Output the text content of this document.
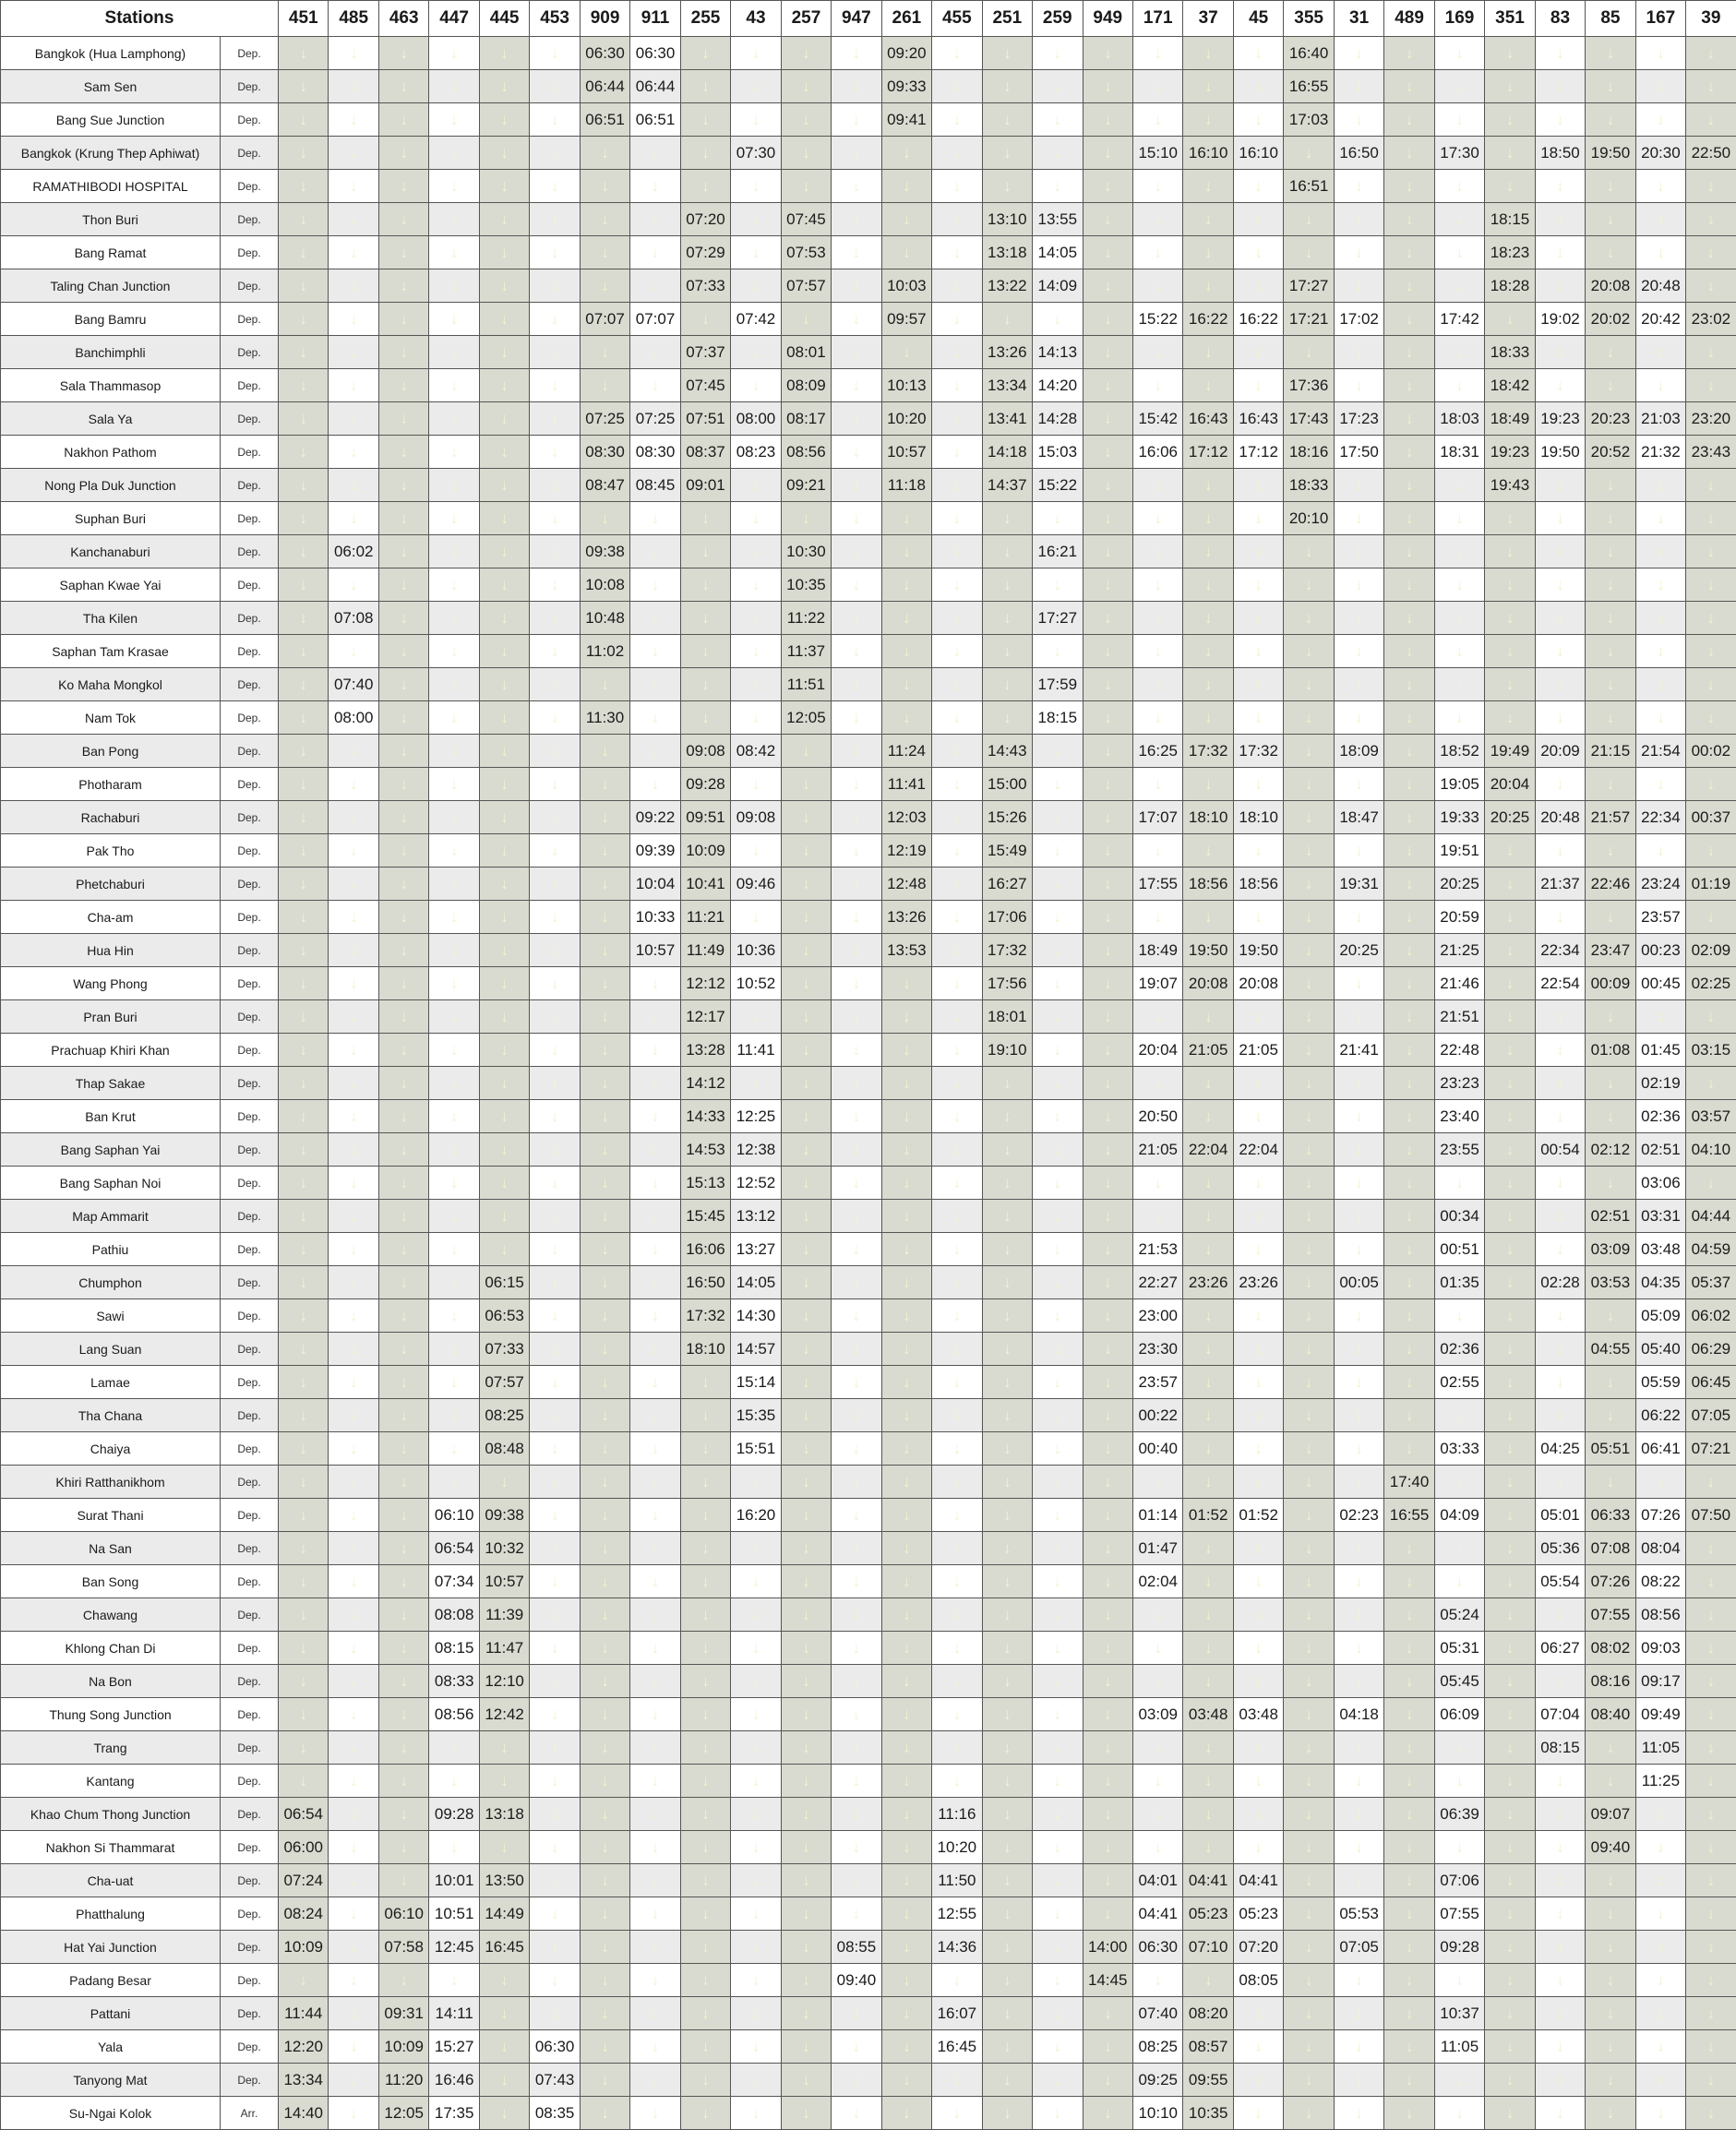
Stations		451	485	463	447	445	453	909	911	255	43	257	947	261	455	251	259	949	171	37	45	355	31	489	169	351	83	85	167	39
Bangkok (Hua Lamphong)	Dep.	↓	↓	↓	↓	↓	↓	06:30	06:30	↓	↓	↓	↓	09:20	↓	↓	↓	↓	↓	↓	↓	16:40	↓	↓	↓	↓	↓	↓	↓	↓
Sam Sen	Dep.	↓	↓	↓	↓	↓	↓	06:44	06:44	↓	↓	↓	↓	09:33	↓	↓	↓	↓	↓	↓	↓	16:55	↓	↓	↓	↓	↓	↓	↓	↓
Bang Sue Junction	Dep.	↓	↓	↓	↓	↓	↓	06:51	06:51	↓	↓	↓	↓	09:41	↓	↓	↓	↓	↓	↓	↓	17:03	↓	↓	↓	↓	↓	↓	↓	↓
Bangkok (Krung Thep Aphiwat)	Dep.	↓	↓	↓	↓	↓	↓	↓	↓	↓	07:30	↓	↓	↓	↓	↓	↓	↓	15:10	16:10	16:10	↓	16:50	↓	17:30	↓	18:50	19:50	20:30	22:50
RAMATHIBODI HOSPITAL	Dep.	↓	↓	↓	↓	↓	↓	↓	↓	↓	↓	↓	↓	↓	↓	↓	↓	↓	↓	↓	↓	16:51	↓	↓	↓	↓	↓	↓	↓	↓
Thon Buri	Dep.	↓	↓	↓	↓	↓	↓	↓	↓	07:20	↓	07:45	↓	↓	↓	13:10	13:55	↓	↓	↓	↓	↓	↓	↓	↓	18:15	↓	↓	↓	↓
Bang Ramat	Dep.	↓	↓	↓	↓	↓	↓	↓	↓	07:29	↓	07:53	↓	↓	↓	13:18	14:05	↓	↓	↓	↓	↓	↓	↓	↓	18:23	↓	↓	↓	↓
Taling Chan Junction	Dep.	↓	↓	↓	↓	↓	↓	↓	↓	07:33	↓	07:57	↓	10:03	↓	13:22	14:09	↓	↓	↓	↓	17:27	↓	↓	↓	18:28	↓	20:08	20:48	↓
Bang Bamru	Dep.	↓	↓	↓	↓	↓	↓	07:07	07:07	↓	07:42	↓	↓	09:57	↓	↓	↓	↓	15:22	16:22	16:22	17:21	17:02	↓	17:42	↓	19:02	20:02	20:42	23:02
Banchimphli	Dep.	↓	↓	↓	↓	↓	↓	↓	↓	07:37	↓	08:01	↓	↓	↓	13:26	14:13	↓	↓	↓	↓	↓	↓	↓	↓	18:33	↓	↓	↓	↓
Sala Thammasop	Dep.	↓	↓	↓	↓	↓	↓	↓	↓	07:45	↓	08:09	↓	10:13	↓	13:34	14:20	↓	↓	↓	↓	17:36	↓	↓	↓	18:42	↓	↓	↓	↓
Sala Ya	Dep.	↓	↓	↓	↓	↓	↓	07:25	07:25	07:51	08:00	08:17	↓	10:20	↓	13:41	14:28	↓	15:42	16:43	16:43	17:43	17:23	↓	18:03	18:49	19:23	20:23	21:03	23:20
Nakhon Pathom	Dep.	↓	↓	↓	↓	↓	↓	08:30	08:30	08:37	08:23	08:56	↓	10:57	↓	14:18	15:03	↓	16:06	17:12	17:12	18:16	17:50	↓	18:31	19:23	19:50	20:52	21:32	23:43
Nong Pla Duk Junction	Dep.	↓	↓	↓	↓	↓	↓	08:47	08:45	09:01	↓	09:21	↓	11:18	↓	14:37	15:22	↓	↓	↓	↓	18:33	↓	↓	↓	19:43	↓	↓	↓	↓
Suphan Buri	Dep.	↓	↓	↓	↓	↓	↓	↓	↓	↓	↓	↓	↓	↓	↓	↓	↓	↓	↓	↓	↓	20:10	↓	↓	↓	↓	↓	↓	↓	↓
Kanchanaburi	Dep.	↓	06:02	↓	↓	↓	↓	09:38	↓	↓	↓	10:30	↓	↓	↓	↓	16:21	↓	↓	↓	↓	↓	↓	↓	↓	↓	↓	↓	↓	↓
Saphan Kwae Yai	Dep.	↓	↓	↓	↓	↓	↓	10:08	↓	↓	↓	10:35	↓	↓	↓	↓	↓	↓	↓	↓	↓	↓	↓	↓	↓	↓	↓	↓	↓	↓
Tha Kilen	Dep.	↓	07:08	↓	↓	↓	↓	10:48	↓	↓	↓	11:22	↓	↓	↓	↓	17:27	↓	↓	↓	↓	↓	↓	↓	↓	↓	↓	↓	↓	↓
Saphan Tam Krasae	Dep.	↓	↓	↓	↓	↓	↓	11:02	↓	↓	↓	11:37	↓	↓	↓	↓	↓	↓	↓	↓	↓	↓	↓	↓	↓	↓	↓	↓	↓	↓
Ko Maha Mongkol	Dep.	↓	07:40	↓	↓	↓	↓	↓	↓	↓	↓	11:51	↓	↓	↓	↓	17:59	↓	↓	↓	↓	↓	↓	↓	↓	↓	↓	↓	↓	↓
Nam Tok	Dep.	↓	08:00	↓	↓	↓	↓	11:30	↓	↓	↓	12:05	↓	↓	↓	↓	18:15	↓	↓	↓	↓	↓	↓	↓	↓	↓	↓	↓	↓	↓
Ban Pong	Dep.	↓	↓	↓	↓	↓	↓	↓	↓	09:08	08:42	↓	↓	11:24	↓	14:43	↓	↓	16:25	17:32	17:32	↓	18:09	↓	18:52	19:49	20:09	21:15	21:54	00:02
Photharam	Dep.	↓	↓	↓	↓	↓	↓	↓	↓	09:28	↓	↓	↓	11:41	↓	15:00	↓	↓	↓	↓	↓	↓	↓	↓	19:05	20:04	↓	↓	↓	↓
Rachaburi	Dep.	↓	↓	↓	↓	↓	↓	↓	09:22	09:51	09:08	↓	↓	12:03	↓	15:26	↓	↓	17:07	18:10	18:10	↓	18:47	↓	19:33	20:25	20:48	21:57	22:34	00:37
Pak Tho	Dep.	↓	↓	↓	↓	↓	↓	↓	09:39	10:09	↓	↓	↓	12:19	↓	15:49	↓	↓	↓	↓	↓	↓	↓	↓	19:51	↓	↓	↓	↓	↓
Phetchaburi	Dep.	↓	↓	↓	↓	↓	↓	↓	10:04	10:41	09:46	↓	↓	12:48	↓	16:27	↓	↓	17:55	18:56	18:56	↓	19:31	↓	20:25	↓	21:37	22:46	23:24	01:19
Cha-am	Dep.	↓	↓	↓	↓	↓	↓	↓	10:33	11:21	↓	↓	↓	13:26	↓	17:06	↓	↓	↓	↓	↓	↓	↓	↓	20:59	↓	↓	↓	23:57	↓
Hua Hin	Dep.	↓	↓	↓	↓	↓	↓	↓	10:57	11:49	10:36	↓	↓	13:53	↓	17:32	↓	↓	18:49	19:50	19:50	↓	20:25	↓	21:25	↓	22:34	23:47	00:23	02:09
Wang Phong	Dep.	↓	↓	↓	↓	↓	↓	↓	↓	12:12	10:52	↓	↓	↓	↓	17:56	↓	↓	19:07	20:08	20:08	↓	↓	↓	21:46	↓	22:54	00:09	00:45	02:25
Pran Buri	Dep.	↓	↓	↓	↓	↓	↓	↓	↓	12:17	↓	↓	↓	↓	↓	18:01	↓	↓	↓	↓	↓	↓	↓	↓	21:51	↓	↓	↓	↓	↓
Prachuap Khiri Khan	Dep.	↓	↓	↓	↓	↓	↓	↓	↓	13:28	11:41	↓	↓	↓	↓	19:10	↓	↓	20:04	21:05	21:05	↓	21:41	↓	22:48	↓	↓	01:08	01:45	03:15
Thap Sakae	Dep.	↓	↓	↓	↓	↓	↓	↓	↓	14:12	↓	↓	↓	↓	↓	↓	↓	↓	↓	↓	↓	↓	↓	↓	23:23	↓	↓	↓	02:19	↓
Ban Krut	Dep.	↓	↓	↓	↓	↓	↓	↓	↓	14:33	12:25	↓	↓	↓	↓	↓	↓	↓	20:50	↓	↓	↓	↓	↓	23:40	↓	↓	↓	02:36	03:57
Bang Saphan Yai	Dep.	↓	↓	↓	↓	↓	↓	↓	↓	14:53	12:38	↓	↓	↓	↓	↓	↓	↓	21:05	22:04	22:04	↓	↓	↓	23:55	↓	00:54	02:12	02:51	04:10
Bang Saphan Noi	Dep.	↓	↓	↓	↓	↓	↓	↓	↓	15:13	12:52	↓	↓	↓	↓	↓	↓	↓	↓	↓	↓	↓	↓	↓	↓	↓	↓	↓	03:06	↓
Map Ammarit	Dep.	↓	↓	↓	↓	↓	↓	↓	↓	15:45	13:12	↓	↓	↓	↓	↓	↓	↓	↓	↓	↓	↓	↓	↓	00:34	↓	↓	02:51	03:31	04:44
Pathiu	Dep.	↓	↓	↓	↓	↓	↓	↓	↓	16:06	13:27	↓	↓	↓	↓	↓	↓	↓	21:53	↓	↓	↓	↓	↓	00:51	↓	↓	03:09	03:48	04:59
Chumphon	Dep.	↓	↓	↓	↓	06:15	↓	↓	↓	16:50	14:05	↓	↓	↓	↓	↓	↓	↓	22:27	23:26	23:26	↓	00:05	↓	01:35	↓	02:28	03:53	04:35	05:37
Sawi	Dep.	↓	↓	↓	↓	06:53	↓	↓	↓	17:32	14:30	↓	↓	↓	↓	↓	↓	↓	23:00	↓	↓	↓	↓	↓	↓	↓	↓	↓	05:09	06:02
Lang Suan	Dep.	↓	↓	↓	↓	07:33	↓	↓	↓	18:10	14:57	↓	↓	↓	↓	↓	↓	↓	23:30	↓	↓	↓	↓	↓	02:36	↓	↓	04:55	05:40	06:29
Lamae	Dep.	↓	↓	↓	↓	07:57	↓	↓	↓	↓	15:14	↓	↓	↓	↓	↓	↓	↓	23:57	↓	↓	↓	↓	↓	02:55	↓	↓	↓	05:59	06:45
Tha Chana	Dep.	↓	↓	↓	↓	08:25	↓	↓	↓	↓	15:35	↓	↓	↓	↓	↓	↓	↓	00:22	↓	↓	↓	↓	↓	↓	↓	↓	↓	06:22	07:05
Chaiya	Dep.	↓	↓	↓	↓	08:48	↓	↓	↓	↓	15:51	↓	↓	↓	↓	↓	↓	↓	00:40	↓	↓	↓	↓	↓	03:33	↓	04:25	05:51	06:41	07:21
Khiri Ratthanikhom	Dep.	↓	↓	↓	↓	↓	↓	↓	↓	↓	↓	↓	↓	↓	↓	↓	↓	↓	↓	↓	↓	↓	↓	17:40	↓	↓	↓	↓	↓	↓
Surat Thani	Dep.	↓	↓	↓	06:10	09:38	↓	↓	↓	↓	16:20	↓	↓	↓	↓	↓	↓	↓	01:14	01:52	01:52	↓	02:23	16:55	04:09	↓	05:01	06:33	07:26	07:50
Na San	Dep.	↓	↓	↓	06:54	10:32	↓	↓	↓	↓	↓	↓	↓	↓	↓	↓	↓	↓	01:47	↓	↓	↓	↓	↓	↓	↓	05:36	07:08	08:04	↓
Ban Song	Dep.	↓	↓	↓	07:34	10:57	↓	↓	↓	↓	↓	↓	↓	↓	↓	↓	↓	↓	02:04	↓	↓	↓	↓	↓	↓	↓	05:54	07:26	08:22	↓
Chawang	Dep.	↓	↓	↓	08:08	11:39	↓	↓	↓	↓	↓	↓	↓	↓	↓	↓	↓	↓	↓	↓	↓	↓	↓	↓	05:24	↓	↓	07:55	08:56	↓
Khlong Chan Di	Dep.	↓	↓	↓	08:15	11:47	↓	↓	↓	↓	↓	↓	↓	↓	↓	↓	↓	↓	↓	↓	↓	↓	↓	↓	05:31	↓	06:27	08:02	09:03	↓
Na Bon	Dep.	↓	↓	↓	08:33	12:10	↓	↓	↓	↓	↓	↓	↓	↓	↓	↓	↓	↓	↓	↓	↓	↓	↓	↓	05:45	↓	↓	08:16	09:17	↓
Thung Song Junction	Dep.	↓	↓	↓	08:56	12:42	↓	↓	↓	↓	↓	↓	↓	↓	↓	↓	↓	↓	03:09	03:48	03:48	↓	04:18	↓	06:09	↓	07:04	08:40	09:49	↓
Trang	Dep.	↓	↓	↓	↓	↓	↓	↓	↓	↓	↓	↓	↓	↓	↓	↓	↓	↓	↓	↓	↓	↓	↓	↓	↓	↓	08:15	↓	11:05	↓
Kantang	Dep.	↓	↓	↓	↓	↓	↓	↓	↓	↓	↓	↓	↓	↓	↓	↓	↓	↓	↓	↓	↓	↓	↓	↓	↓	↓	↓	↓	11:25	↓
Khao Chum Thong Junction	Dep.	06:54	↓	↓	09:28	13:18	↓	↓	↓	↓	↓	↓	↓	↓	11:16	↓	↓	↓	↓	↓	↓	↓	↓	↓	06:39	↓	↓	09:07	↓	↓
Nakhon Si Thammarat	Dep.	06:00	↓	↓	↓	↓	↓	↓	↓	↓	↓	↓	↓	↓	10:20	↓	↓	↓	↓	↓	↓	↓	↓	↓	↓	↓	↓	09:40	↓	↓
Cha-uat	Dep.	07:24	↓	↓	10:01	13:50	↓	↓	↓	↓	↓	↓	↓	↓	11:50	↓	↓	↓	04:01	04:41	04:41	↓	↓	↓	07:06	↓	↓	↓	↓	↓
Phatthalung	Dep.	08:24	↓	06:10	10:51	14:49	↓	↓	↓	↓	↓	↓	↓	↓	12:55	↓	↓	↓	04:41	05:23	05:23	↓	05:53	↓	07:55	↓	↓	↓	↓	↓
Hat Yai Junction	Dep.	10:09	↓	07:58	12:45	16:45	↓	↓	↓	↓	↓	↓	08:55	↓	14:36	↓	↓	14:00	06:30	07:10	07:20	↓	07:05	↓	09:28	↓	↓	↓	↓	↓
Padang Besar	Dep.	↓	↓	↓	↓	↓	↓	↓	↓	↓	↓	↓	09:40	↓	↓	↓	↓	14:45	↓	↓	08:05	↓	↓	↓	↓	↓	↓	↓	↓	↓
Pattani	Dep.	11:44	↓	09:31	14:11	↓	↓	↓	↓	↓	↓	↓	↓	↓	16:07	↓	↓	↓	07:40	08:20	↓	↓	↓	↓	10:37	↓	↓	↓	↓	↓
Yala	Dep.	12:20	↓	10:09	15:27	↓	06:30	↓	↓	↓	↓	↓	↓	↓	16:45	↓	↓	↓	08:25	08:57	↓	↓	↓	↓	11:05	↓	↓	↓	↓	↓
Tanyong Mat	Dep.	13:34	↓	11:20	16:46	↓	07:43	↓	↓	↓	↓	↓	↓	↓	↓	↓	↓	↓	09:25	09:55	↓	↓	↓	↓	↓	↓	↓	↓	↓	↓
Su-Ngai Kolok	Arr.	14:40	↓	12:05	17:35	↓	08:35	↓	↓	↓	↓	↓	↓	↓	↓	↓	↓	↓	10:10	10:35	↓	↓	↓	↓	↓	↓	↓	↓	↓	↓
